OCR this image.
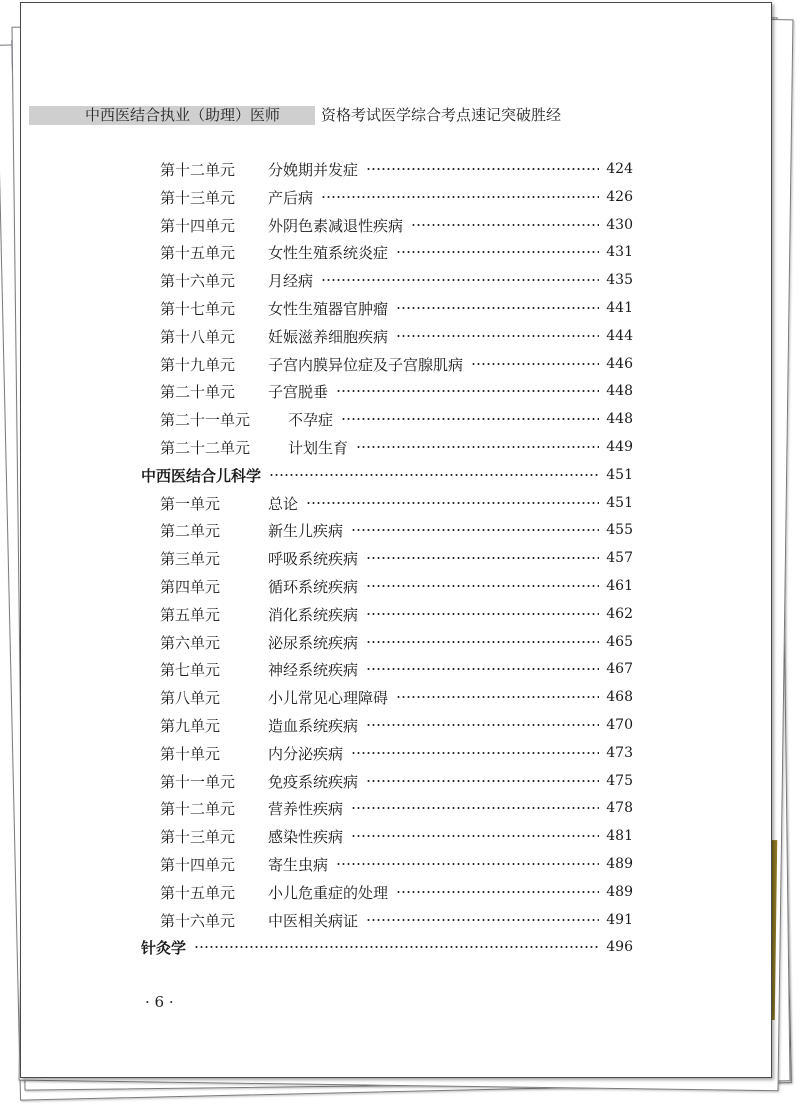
中西医结合执业（助理）医师	资格考试医学综合考点速记突破胜经
第十二单元	分娩期并发症	424
第十三单元	产后病	426
第十四单元	外阴色素减退性疾病	430
第十五单元	女性生殖系统炎症	431
第十六单元	月经病	435
第十七单元	女性生殖器官肿瘤	441
第十八单元	妊娠滋养细胞疾病	444
第十九单元	子宫内膜异位症及子宫腺肌病	446
第二十单元	子宫脱垂	448
第二十一单元	不孕症	448
第二十二单元	计划生育	449
中西医结合儿科学	451
第一单元	总论	451
第二单元	新生儿疾病	455
第三单元	呼吸系统疾病	457
第四单元	循环系统疾病	461
第五单元	消化系统疾病	462
第六单元	泌尿系统疾病	465
第七单元	神经系统疾病	467
第八单元	小儿常见心理障碍	468
第九单元	造血系统疾病	470
第十单元	内分泌疾病	473
第十一单元	免疫系统疾病	475
第十二单元	营养性疾病	478
第十三单元	感染性疾病	481
第十四单元	寄生虫病	489
第十五单元	小儿危重症的处理	489
第十六单元	中医相关病证	491
针灸学	496
· 6 ·
